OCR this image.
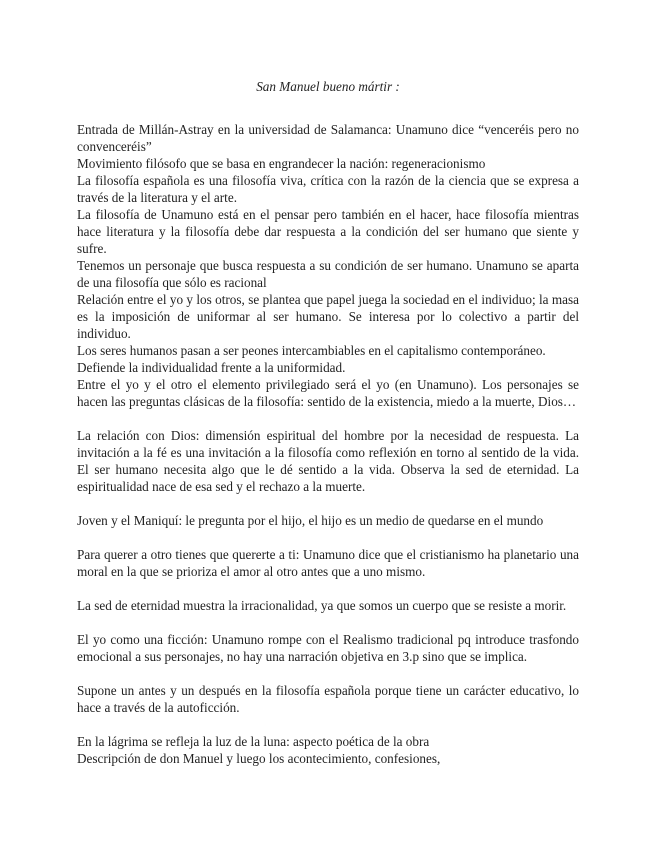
San Manuel bueno mártir :

Entrada de Millán-Astray en la universidad de Salamanca: Unamuno dice “venceréis pero no convenceréis”

Movimiento filósofo que se basa en engrandecer la nación: regeneracionismo

La filosofía española es una filosofía viva, crítica con la razón de la ciencia que se expresa a través de la literatura y el arte.

La filosofía de Unamuno está en el pensar pero también en el hacer, hace filosofía mientras hace literatura y la filosofía debe dar respuesta a la condición del ser humano que siente y sufre.

Tenemos un personaje que busca respuesta a su condición de ser humano. Unamuno se aparta de una filosofía que sólo es racional

Relación entre el yo y los otros, se plantea que papel juega la sociedad en el individuo; la masa es la imposición de uniformar al ser humano. Se interesa por lo colectivo a partir del individuo.

Los seres humanos pasan a ser peones intercambiables en el capitalismo contemporáneo.

Defiende la individualidad frente a la uniformidad.

Entre el yo y el otro el elemento privilegiado será el yo (en Unamuno). Los personajes se hacen las preguntas clásicas de la filosofía: sentido de la existencia, miedo a la muerte, Dios…

La relación con Dios: dimensión espiritual del hombre por la necesidad de respuesta. La invitación a la fé es una invitación a la filosofía como reflexión en torno al sentido de la vida. El ser humano necesita algo que le dé sentido a la vida. Observa la sed de eternidad. La espiritualidad nace de esa sed y el rechazo a la muerte.

Joven y el Maniquí: le pregunta por el hijo, el hijo es un medio de quedarse en el mundo

Para querer a otro tienes que quererte a ti: Unamuno dice que el cristianismo ha planetario una moral en la que se prioriza el amor al otro antes que a uno mismo.

La sed de eternidad muestra la irracionalidad, ya que somos un cuerpo que se resiste a morir.

El yo como una ficción: Unamuno rompe con el Realismo tradicional pq introduce trasfondo emocional a sus personajes, no hay una narración objetiva en 3.p sino que se implica.

Supone un antes y un después en la filosofía española porque tiene un carácter educativo, lo hace a través de la autoficción.

En la lágrima se refleja la luz de la luna: aspecto poética de la obra

Descripción de don Manuel y luego los acontecimiento, confesiones,
